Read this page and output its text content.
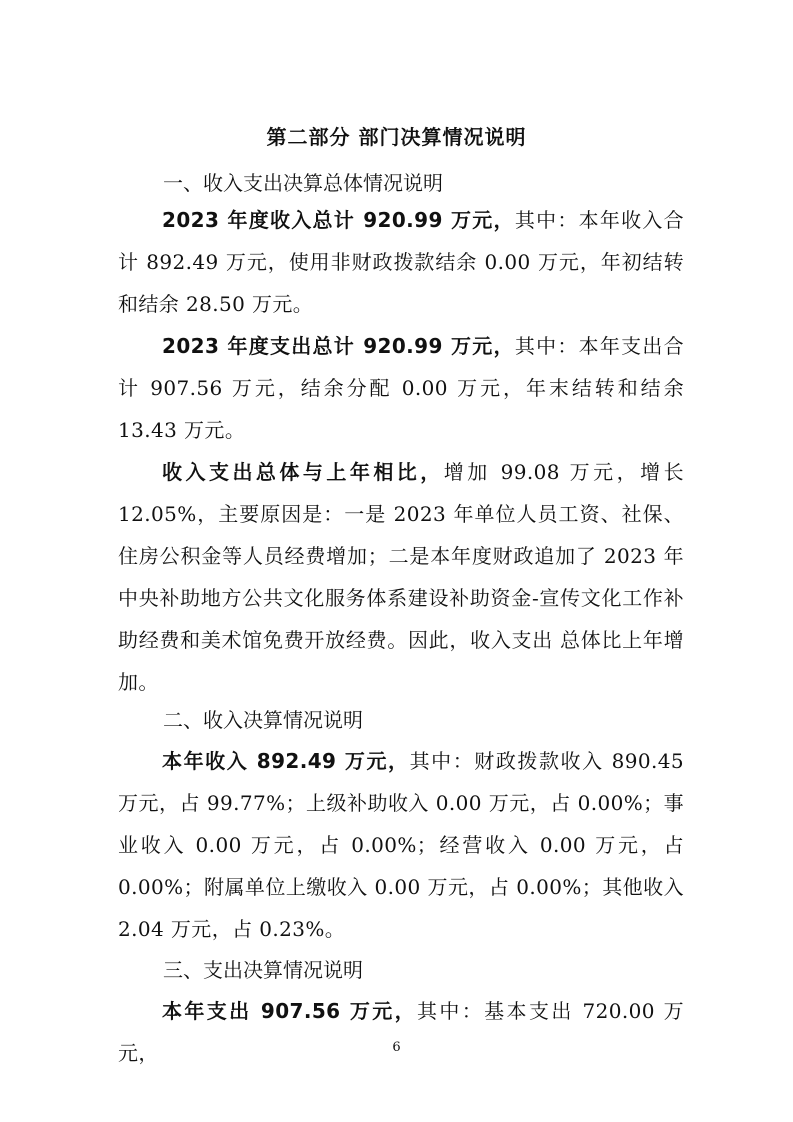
第二部分 部门决算情况说明
一、收入支出决算总体情况说明

2023 年度收入总计 920.99 万元，其中：本年收入合计 892.49 万元，使用非财政拨款结余 0.00 万元，年初结转和结余 28.50 万元。

2023 年度支出总计 920.99 万元，其中：本年支出合计 907.56 万元，结余分配 0.00 万元，年末结转和结余 13.43 万元。

收入支出总体与上年相比，增加 99.08 万元，增长 12.05%，主要原因是：一是 2023 年单位人员工资、社保、住房公积金等人员经费增加；二是本年度财政追加了 2023 年中央补助地方公共文化服务体系建设补助资金-宣传文化工作补助经费和美术馆免费开放经费。因此，收入支出 总体比上年增加。

二、收入决算情况说明

本年收入 892.49 万元，其中：财政拨款收入 890.45 万元，占 99.77%；上级补助收入 0.00 万元，占 0.00%；事业收入 0.00 万元，占 0.00%；经营收入 0.00 万元，占 0.00%；附属单位上缴收入 0.00 万元，占 0.00%；其他收入 2.04 万元，占 0.23%。

三、支出决算情况说明

本年支出 907.56 万元，其中：基本支出 720.00 万元，	6
